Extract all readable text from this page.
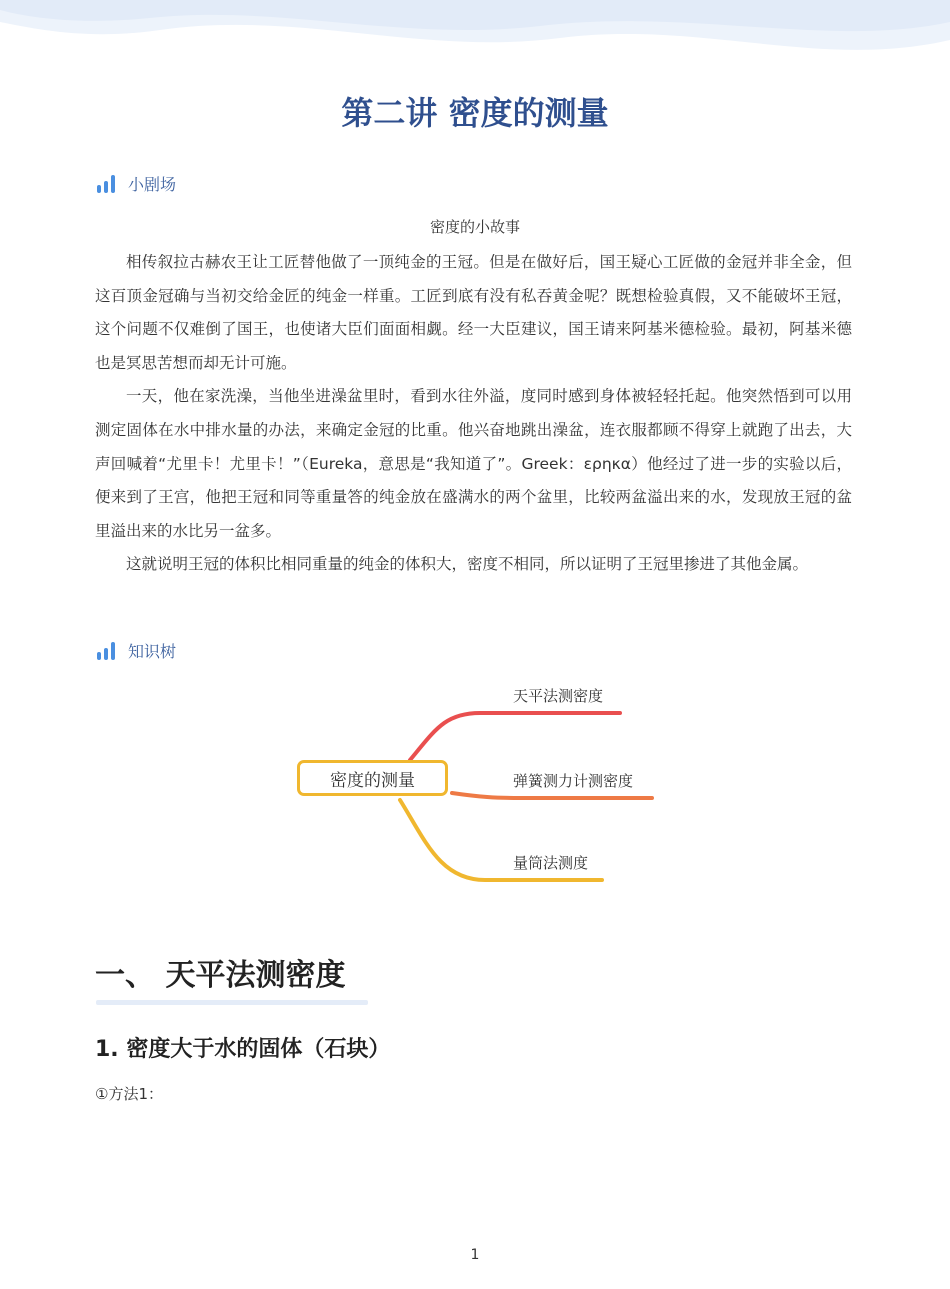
第二讲 密度的测量
小剧场
密度的小故事

相传叙拉古赫农王让工匠替他做了一顶纯金的王冠。但是在做好后，国王疑心工匠做的金冠并非全金，但这百顶金冠确与当初交给金匠的纯金一样重。工匠到底有没有私吞黄金呢？既想检验真假，又不能破坏王冠，这个问题不仅难倒了国王，也使诸大臣们面面相觑。经一大臣建议，国王请来阿基米德检验。最初，阿基米德也是冥思苦想而却无计可施。

一天，他在家洗澡，当他坐进澡盆里时，看到水往外溢，度同时感到身体被轻轻托起。他突然悟到可以用测定固体在水中排水量的办法，来确定金冠的比重。他兴奋地跳出澡盆，连衣服都顾不得穿上就跑了出去，大声回喊着“尤里卡！尤里卡！”（Eureka，意思是“我知道了”。Greek：ερηκα）他经过了进一步的实验以后，便来到了王宫，他把王冠和同等重量答的纯金放在盛满水的两个盆里，比较两盆溢出来的水，发现放王冠的盆里溢出来的水比另一盆多。

这就说明王冠的体积比相同重量的纯金的体积大，密度不相同，所以证明了王冠里掺进了其他金属。

知识树
密度的测量
天平法测密度
弹簧测力计测密度
量筒法测度
一、 天平法测密度
1. 密度大于水的固体（石块）
①方法1：
1
